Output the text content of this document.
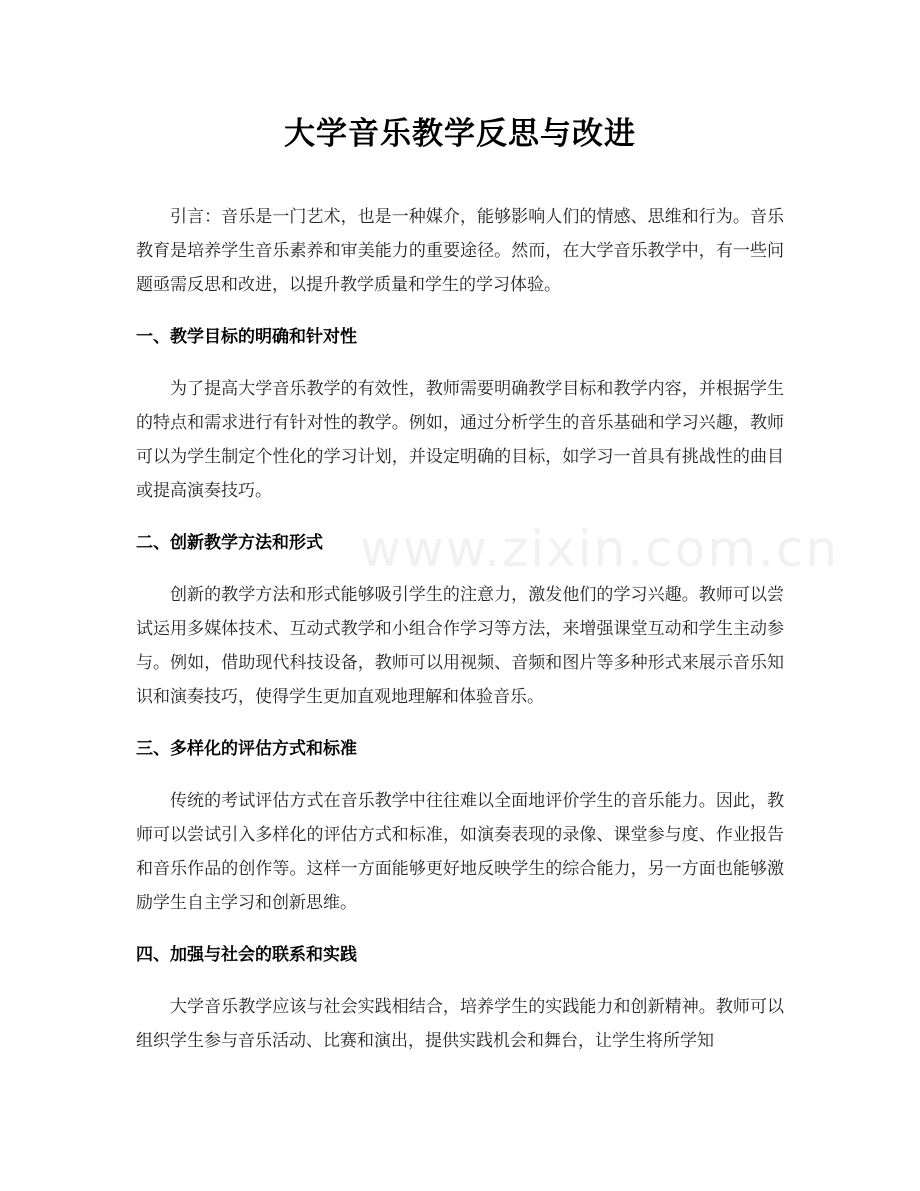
大学音乐教学反思与改进

引言：音乐是一门艺术，也是一种媒介，能够影响人们的情感、思维和行为。音乐教育是培养学生音乐素养和审美能力的重要途径。然而，在大学音乐教学中，有一些问题亟需反思和改进，以提升教学质量和学生的学习体验。

一、教学目标的明确和针对性

为了提高大学音乐教学的有效性，教师需要明确教学目标和教学内容，并根据学生的特点和需求进行有针对性的教学。例如，通过分析学生的音乐基础和学习兴趣，教师可以为学生制定个性化的学习计划，并设定明确的目标，如学习一首具有挑战性的曲目或提高演奏技巧。

二、创新教学方法和形式

创新的教学方法和形式能够吸引学生的注意力，激发他们的学习兴趣。教师可以尝试运用多媒体技术、互动式教学和小组合作学习等方法，来增强课堂互动和学生主动参与。例如，借助现代科技设备，教师可以用视频、音频和图片等多种形式来展示音乐知识和演奏技巧，使得学生更加直观地理解和体验音乐。

三、多样化的评估方式和标准

传统的考试评估方式在音乐教学中往往难以全面地评价学生的音乐能力。因此，教师可以尝试引入多样化的评估方式和标准，如演奏表现的录像、课堂参与度、作业报告和音乐作品的创作等。这样一方面能够更好地反映学生的综合能力，另一方面也能够激励学生自主学习和创新思维。

四、加强与社会的联系和实践

大学音乐教学应该与社会实践相结合，培养学生的实践能力和创新精神。教师可以组织学生参与音乐活动、比赛和演出，提供实践机会和舞台，让学生将所学知

www.zixin.com.cn
